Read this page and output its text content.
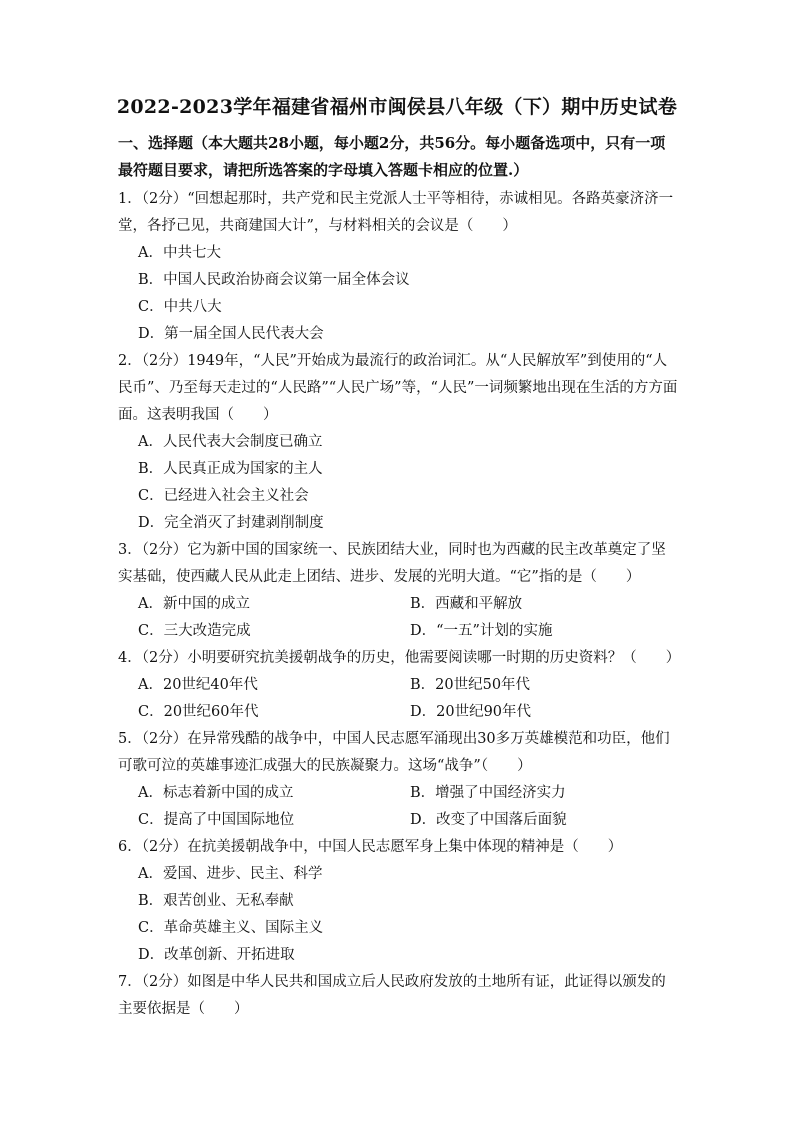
2022-2023学年福建省福州市闽侯县八年级（下）期中历史试卷
一、选择题（本大题共28小题，每小题2分，共56分。每小题备选项中，只有一项最符题目要求，请把所选答案的字母填入答题卡相应的位置.）
1．（2分）“回想起那时，共产党和民主党派人士平等相待，赤诚相见。各路英豪济济一堂，各抒己见，共商建国大计”，与材料相关的会议是（　　）
A．中共七大
B．中国人民政治协商会议第一届全体会议
C．中共八大
D．第一届全国人民代表大会
2．（2分）1949年，“人民”开始成为最流行的政治词汇。从“人民解放军”到使用的“人民币”、乃至每天走过的“人民路”“人民广场”等，“人民”一词频繁地出现在生活的方方面面。这表明我国（　　）
A．人民代表大会制度已确立
B．人民真正成为国家的主人
C．已经进入社会主义社会
D．完全消灭了封建剥削制度
3．（2分）它为新中国的国家统一、民族团结大业，同时也为西藏的民主改革奠定了坚实基础，使西藏人民从此走上团结、进步、发展的光明大道。“它”指的是（　　）
A．新中国的成立	B．西藏和平解放
C．三大改造完成	D．“一五”计划的实施
4．（2分）小明要研究抗美援朝战争的历史，他需要阅读哪一时期的历史资料？（　　）
A．20世纪40年代	B．20世纪50年代
C．20世纪60年代	D．20世纪90年代
5．（2分）在异常残酷的战争中，中国人民志愿军涌现出30多万英雄模范和功臣，他们可歌可泣的英雄事迹汇成强大的民族凝聚力。这场“战争”（　　）
A．标志着新中国的成立	B．增强了中国经济实力
C．提高了中国国际地位	D．改变了中国落后面貌
6．（2分）在抗美援朝战争中，中国人民志愿军身上集中体现的精神是（　　）
A．爱国、进步、民主、科学
B．艰苦创业、无私奉献
C．革命英雄主义、国际主义
D．改革创新、开拓进取
7．（2分）如图是中华人民共和国成立后人民政府发放的土地所有证，此证得以颁发的主要依据是（　　）
